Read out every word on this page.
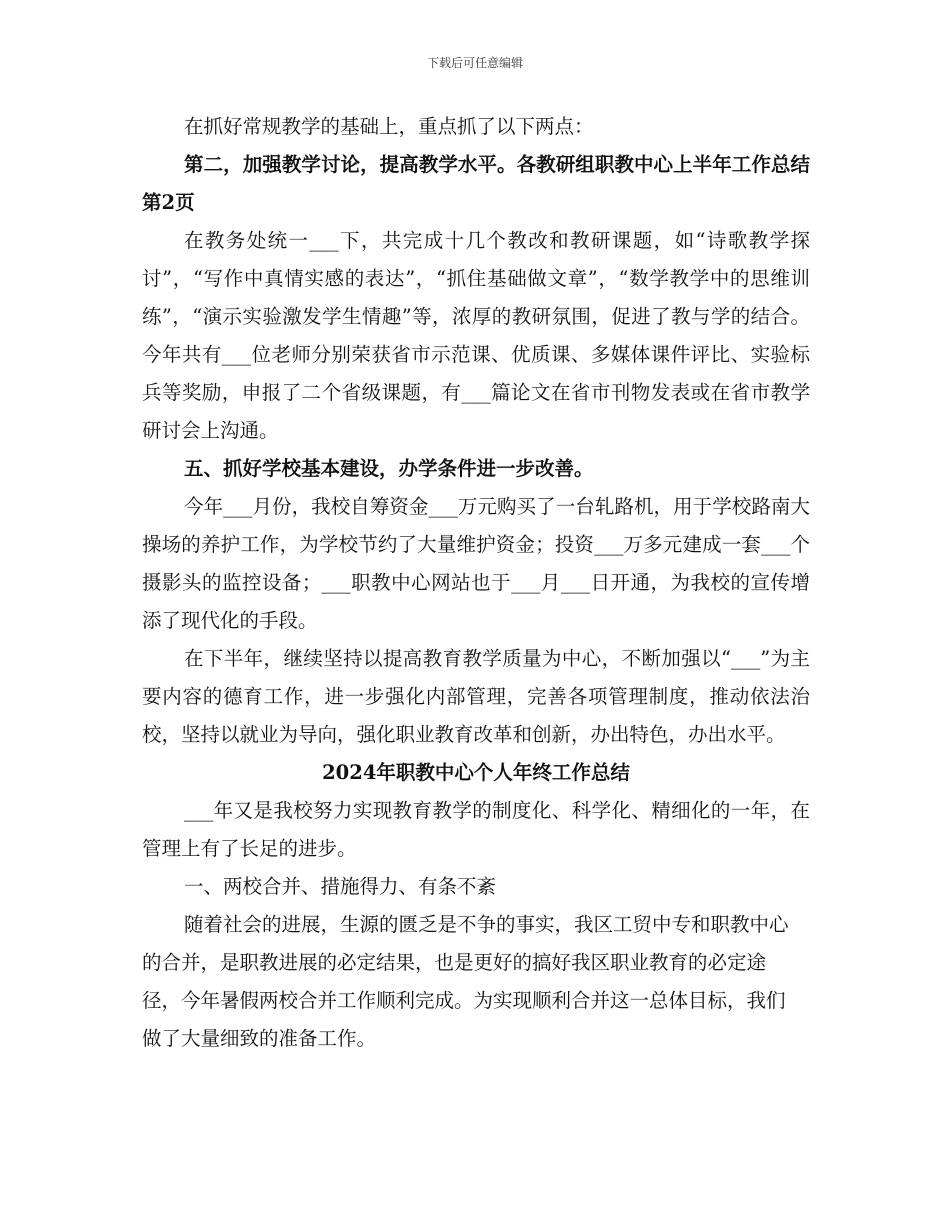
下载后可任意编辑

在抓好常规教学的基础上，重点抓了以下两点：

第二，加强教学讨论，提高教学水平。各教研组职教中心上半年工作总结第2页

在教务处统一___下，共完成十几个教改和教研课题，如“诗歌教学探讨”，“写作中真情实感的表达”，“抓住基础做文章”，“数学教学中的思维训练”，“演示实验激发学生情趣”等，浓厚的教研氛围，促进了教与学的结合。今年共有___位老师分别荣获省市示范课、优质课、多媒体课件评比、实验标兵等奖励，申报了二个省级课题，有___篇论文在省市刊物发表或在省市教学研讨会上沟通。

五、抓好学校基本建设，办学条件进一步改善。

今年___月份，我校自筹资金___万元购买了一台轧路机，用于学校路南大操场的养护工作，为学校节约了大量维护资金；投资___万多元建成一套___个摄影头的监控设备；___职教中心网站也于___月___日开通，为我校的宣传增添了现代化的手段。

在下半年，继续坚持以提高教育教学质量为中心，不断加强以“___”为主要内容的德育工作，进一步强化内部管理，完善各项管理制度，推动依法治校，坚持以就业为导向，强化职业教育改革和创新，办出特色，办出水平。

2024年职教中心个人年终工作总结

___年又是我校努力实现教育教学的制度化、科学化、精细化的一年，在管理上有了长足的进步。

一、两校合并、措施得力、有条不紊

随着社会的进展，生源的匮乏是不争的事实，我区工贸中专和职教中心的合并，是职教进展的必定结果，也是更好的搞好我区职业教育的必定途径，今年暑假两校合并工作顺利完成。为实现顺利合并这一总体目标，我们做了大量细致的准备工作。
